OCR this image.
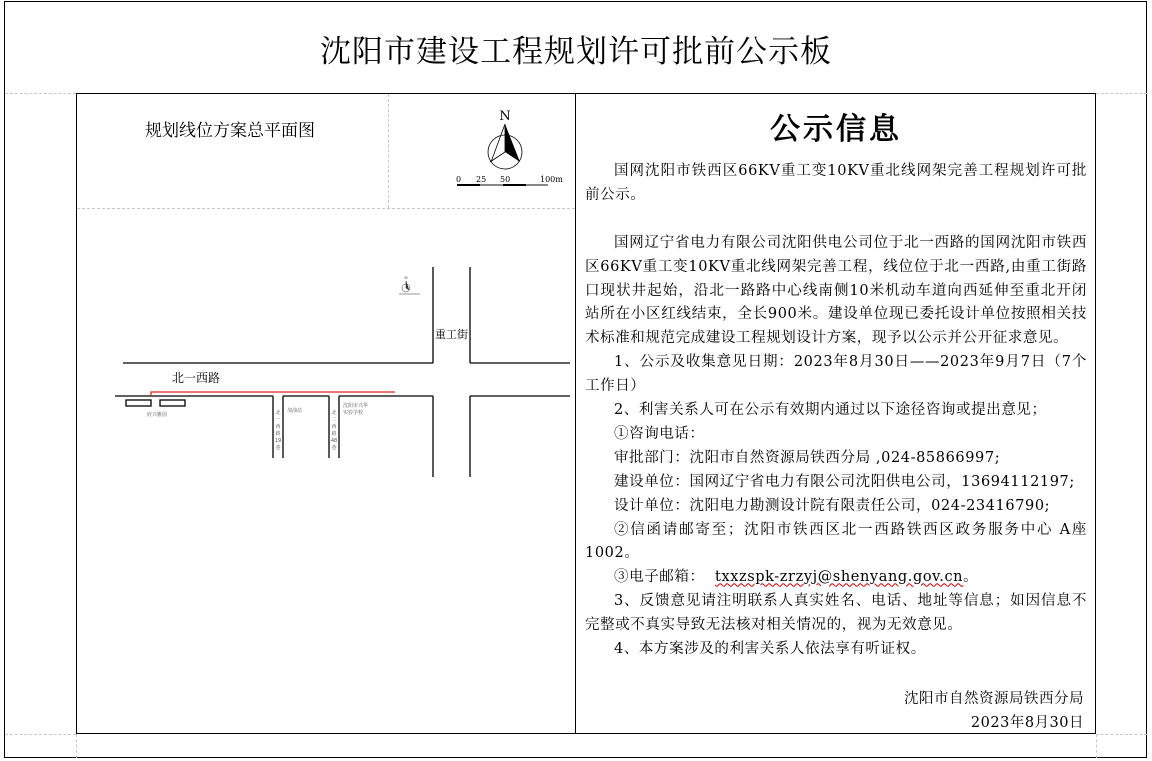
沈阳市建设工程规划许可批前公示板
规划线位方案总平面图
N
0 25 50	100m
北一西路
重工街
府兴雅园
加油站
沈阳市兴华
实验学校
北
一
西
路
19
巷
北
二
西
路
48
巷
N
公示信息

国网沈阳市铁西区66KV重工变10KV重北线网架完善工程规划许可批前公示。

国网辽宁省电力有限公司沈阳供电公司位于北一西路的国网沈阳市铁西区66KV重工变10KV重北线网架完善工程，线位位于北一西路,由重工街路口现状井起始，沿北一路路中心线南侧10米机动车道向西延伸至重北开闭站所在小区红线结束，全长900米。建设单位现已委托设计单位按照相关技术标准和规范完成建设工程规划设计方案，现予以公示并公开征求意见。

1、公示及收集意见日期：2023年8月30日——2023年9月7日（7个工作日）

2、利害关系人可在公示有效期内通过以下途径咨询或提出意见；

①咨询电话：

审批部门：沈阳市自然资源局铁西分局 ,024-85866997;

建设单位：国网辽宁省电力有限公司沈阳供电公司，13694112197;

设计单位：沈阳电力勘测设计院有限责任公司，024-23416790;

②信函请邮寄至；沈阳市铁西区北一西路铁西区政务服务中心 A座1002。

③电子邮箱： txxzspk-zrzyj@shenyang.gov.cn。

3、反馈意见请注明联系人真实姓名、电话、地址等信息；如因信息不完整或不真实导致无法核对相关情况的，视为无效意见。

4、本方案涉及的利害关系人依法享有听证权。

沈阳市自然资源局铁西分局
2023年8月30日
